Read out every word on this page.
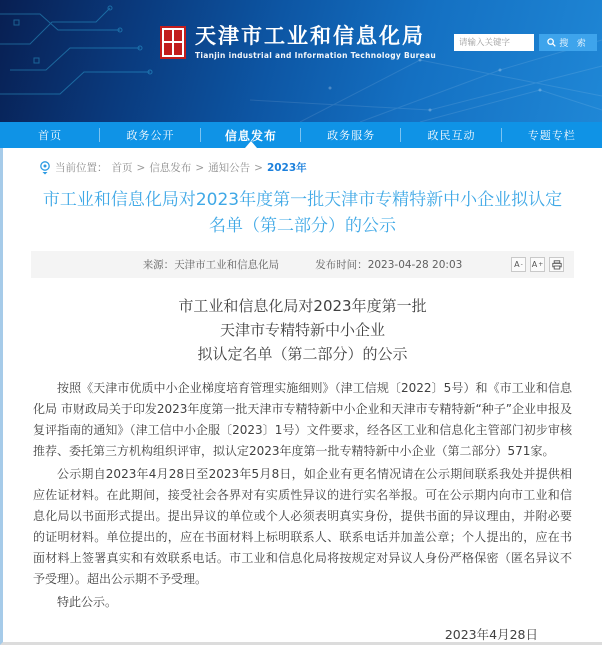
天津市工业和信息化局
Tianjin industrial and Information Technology Bureau
请输入关键字
搜 索
首页	政务公开	信息发布	政务服务	政民互动	专题专栏
当前位置： 首页 > 信息发布 > 通知公告 > 2023年
市工业和信息化局对2023年度第一批天津市专精特新中小企业拟认定名单（第二部分）的公示
来源：天津市工业和信息化局	发布时间：2023-04-28 20:03	A - A +
市工业和信息化局对2023年度第一批
天津市专精特新中小企业
拟认定名单（第二部分）的公示

按照《天津市优质中小企业梯度培育管理实施细则》（津工信规〔2022〕5号）和《市工业和信息化局 市财政局关于印发2023年度第一批天津市专精特新中小企业和天津市专精特新“种子”企业申报及复评指南的通知》（津工信中小企服〔2023〕1号）文件要求，经各区工业和信息化主管部门初步审核推荐、委托第三方机构组织评审，拟认定2023年度第一批专精特新中小企业（第二部分）571家。

公示期自2023年4月28日至2023年5月8日，如企业有更名情况请在公示期间联系我处并提供相应佐证材料。在此期间，接受社会各界对有实质性异议的进行实名举报。可在公示期内向市工业和信息化局以书面形式提出。提出异议的单位或个人必须表明真实身份，提供书面的异议理由，并附必要的证明材料。单位提出的，应在书面材料上标明联系人、联系电话并加盖公章；个人提出的，应在书面材料上签署真实和有效联系电话。市工业和信息化局将按规定对异议人身份严格保密（匿名异议不予受理）。超出公示期不予受理。

特此公示。

2023年4月28日
